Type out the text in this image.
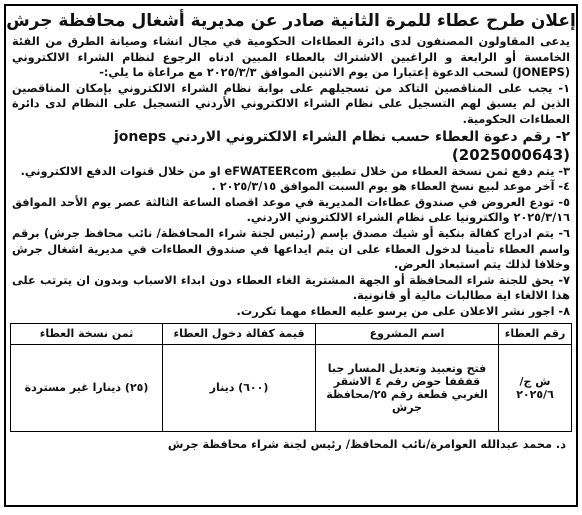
إعلان طرح عطاء للمرة الثانية صادر عن مديرية أشغال محافظة جرش

يدعى المقاولون المصنفون لدى دائرة العطاءات الحكومية في مجال انشاء وصيانة الطرق من الفئة الخامسة أو الرابعة و الراغبين الاشتراك بالعطاء المبين ادناه الرجوع لنظام الشراء الالكتروني (JONEPS) لسحب الدعوة إعتبارا من يوم الاثنين الموافق ٢٠٢٥/٣/٣ مع مراعاة ما يلي:-

١- يجب على المناقصين التاكد من تسجيلهم على بوابة نظام الشراء الالكتروني بإمكان المناقصين الذين لم يسبق لهم التسجيل على نظام الشراء الالكتروني الأردني التسجيل على النظام لدى دائرة العطاءات الحكومية.

٢- رقم دعوة العطاء حسب نظام الشراء الالكتروني الاردني joneps
(2025000643)

٣- يتم دفع ثمن نسخة العطاء من خلال تطبيق eFWATEERcom او من خلال قنوات الدفع الالكتروني.

٤- آخر موعد لبيع نسخ العطاء هو يوم السبت الموافق ٢٠٢٥/٣/١٥ .

٥- تودع العروض في صندوق عطاءات المديرية في موعد اقصاه الساعة الثالثة عصر يوم الأحد الموافق ٢٠٢٥/٣/١٦ والكترونيا على نظام الشراء الالكتروني الاردني.

٦- يتم ادراج كفالة بنكية أو شيك مصدق بإسم (رئيس لجنة شراء المحافظة/ نائب محافظ جرش) برقم واسم العطاء تأمينا لدخول العطاء على ان يتم ايداعها في صندوق العطاءات في مديرية اشغال جرش وخلافا لذلك يتم استبعاد العرض.

٧- يحق للجنة شراء المحافظة أو الجهة المشترية الغاء العطاء دون ابداء الاسباب وبدون ان يترتب على هذا الالغاء اية مطالبات مالية أو قانونية.

٨- اجور نشر الاعلان على من يرسو عليه العطاء مهما تكررت.

رقم العطاء	اسم المشروع	قيمة كفالة دخول العطاء	ثمن نسخة العطاء
ش ج/ ٢٠٢٥/٦	فتح وتعبيد وتعديل المسار جبا قفقفا حوض رقم ٤ الاشقر الغربي قطعة رقم ٢٥/محافظة جرش	(٦٠٠) دينار	(٢٥) دينارا غير مستردة
د. محمد عبدالله العوامرة/نائب المحافظ/ رئيس لجنة شراء محافظة جرش
